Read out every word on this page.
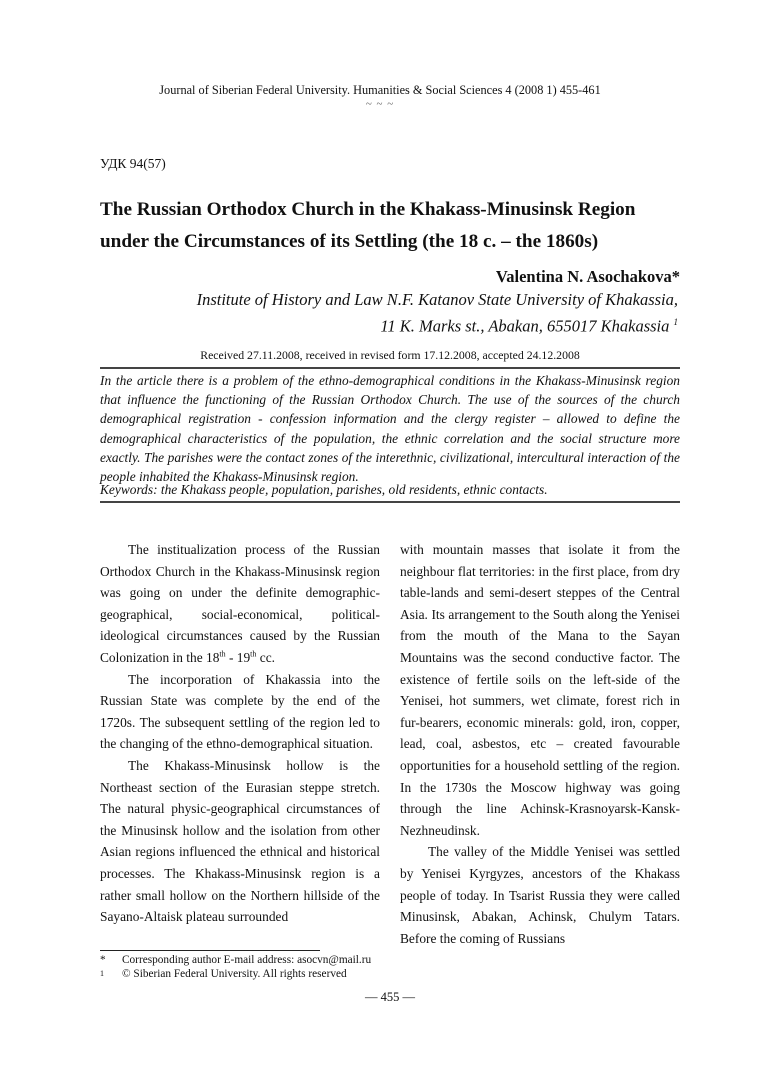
Journal of Siberian Federal University. Humanities & Social Sciences 4 (2008 1) 455-461
~ ~ ~
УДК 94(57)
The Russian Orthodox Church in the Khakass-Minusinsk Region
under the Circumstances of its Settling (the 18 c. – the 1860s)
Valentina N. Asochakova*
Institute of History and Law N.F. Katanov State University of Khakassia,
11 K. Marks st., Abakan, 655017 Khakassia $^1$
Received 27.11.2008, received in revised form 17.12.2008, accepted 24.12.2008
In the article there is a problem of the ethno-demographical conditions in the Khakass-Minusinsk region that influence the functioning of the Russian Orthodox Church. The use of the sources of the church demographical registration - confession information and the clergy register – allowed to define the demographical characteristics of the population, the ethnic correlation and the social structure more exactly. The parishes were the contact zones of the interethnic, civilizational, intercultural interaction of the people inhabited the Khakass-Minusinsk region.
Keywords: the Khakass people, population, parishes, old residents, ethnic contacts.

The institualization process of the Russian Orthodox Church in the Khakass-Minusinsk region was going on under the definite demographic-geographical, social-economical, political-ideological circumstances caused by the Russian Colonization in the 18th - 19th cc.

The incorporation of Khakassia into the Russian State was complete by the end of the 1720s. The subsequent settling of the region led to the changing of the ethno-demographical situation.

The Khakass-Minusinsk hollow is the Northeast section of the Eurasian steppe stretch. The natural physic-geographical circumstances of the Minusinsk hollow and the isolation from other Asian regions influenced the ethnical and historical processes. The Khakass-Minusinsk region is a rather small hollow on the Northern hillside of the Sayano-Altaisk plateau surrounded

with mountain masses that isolate it from the neighbour flat territories: in the first place, from dry table-lands and semi-desert steppes of the Central Asia. Its arrangement to the South along the Yenisei from the mouth of the Mana to the Sayan Mountains was the second conductive factor. The existence of fertile soils on the left-side of the Yenisei, hot summers, wet climate, forest rich in fur-bearers, economic minerals: gold, iron, copper, lead, coal, asbestos, etc – created favourable opportunities for a household settling of the region. In the 1730s the Moscow highway was going through the line Achinsk-Krasnoyarsk-Kansk-Nezhneudinsk.

The valley of the Middle Yenisei was settled by Yenisei Kyrgyzes, ancestors of the Khakass people of today. In Tsarist Russia they were called Minusinsk, Abakan, Achinsk, Chulym Tatars. Before the coming of Russians

*	Corresponding author E-mail address: asocvn@mail.ru
1	© Siberian Federal University. All rights reserved
— 455 —
